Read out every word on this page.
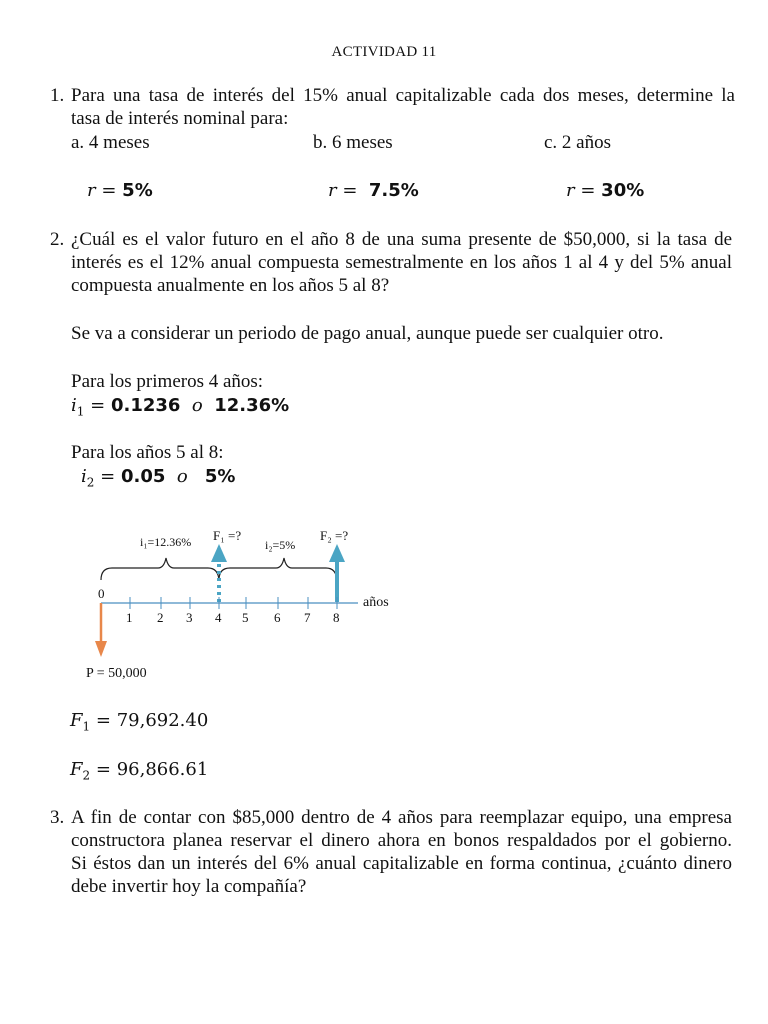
ACTIVIDAD 11
1. Para una tasa de interés del 15% anual capitalizable cada dos meses, determine la
tasa de interés nominal para:
a. 4 meses	b. 6 meses	c. 2 años
r = 5%	r = 7.5%	r = 30%
2. ¿Cuál es el valor futuro en el año 8 de una suma presente de $50,000, si la tasa de
interés es el 12% anual compuesta semestralmente en los años 1 al 4 y del 5% anual
compuesta anualmente en los años 5 al 8?
Se va a considerar un periodo de pago anual, aunque puede ser cualquier otro.
Para los primeros 4 años:
$i_1 = 0.1236$ o 12.36%
Para los años 5 al 8:
$i_2 = 0.05$ o 5%
i₁=12.36% F₁ =?
i₂=5%
F₂ =?
0
1 2 3 4 5 6 7 8
años
P = 50,000
$F_1 = 79,692.40$
$F_2 = 96,866.61$
3. A fin de contar con $85,000 dentro de 4 años para reemplazar equipo, una empresa
constructora planea reservar el dinero ahora en bonos respaldados por el gobierno.
Si éstos dan un interés del 6% anual capitalizable en forma continua, ¿cuánto dinero
debe invertir hoy la compañía?
